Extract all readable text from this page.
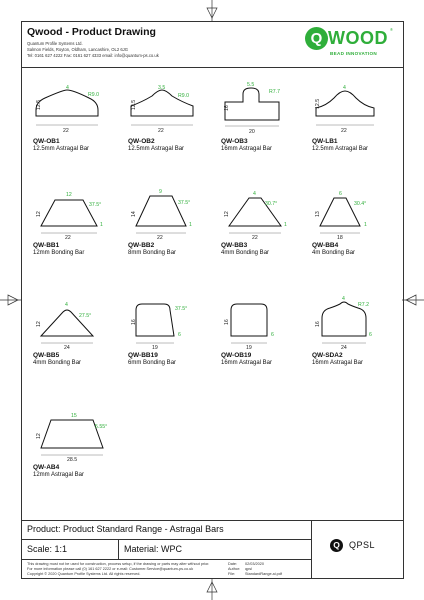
Qwood - Product Drawing
Quantum Profile Systems Ltd.
Salmon Fields, Royton, Oldham, Lancashire, OL2 6JG
Tel: 0161 627 4222 Fax: 0161 627 4333 email: info@quantum-ps.co.uk
Q WOOD ®
BEAD INNOVATION
4
R9.0
12.5
22
QW-OB1
12.5mm Astragal Bar
3.5
R9.0
12.5
22
QW-OB2
12.5mm Astragal Bar
5.5
R7.7
16
20
QW-OB3
16mm Astragal Bar
4
12.5
22
QW-LB1
12.5mm Astragal Bar
12
37.5°
1
12
22
QW-BB1
12mm Bonding Bar
9
37.5°
1
14
22
QW-BB2
8mm Bonding Bar
4
30.7°
1
12
22
QW-BB3
4mm Bonding Bar
6
30.4°
1
13
18
QW-BB4
4m Bonding Bar
4
27.5°
12
24
QW-BB5
4mm Bonding Bar
37.5°
6
16
19
QW-BB19
6mm Bonding Bar
6
16
19
QW-OB19
16mm Astragal Bar
4
R7.2
6
16
24
QW-SDA2
16mm Astragal Bar
15
5.55°
12
28.5
QW-AB4
12mm Astragal Bar
Product: Product Standard Range - Astragal Bars
Scale: 1:1	Material: WPC	Q	QPSL
This drawing must not be used for construction, process setup, if the drawing or parts may alter without prior.
For more information please call (0) 161 627 2222 or e-mail: Customer.Service@quantum-ps.co.uk
Copyright © 2020 Quantum Profile Systems Ltd. All rights reserved.
Date: 02/03/2020
Author: qpsl
File:	StandardRange.ai.pdf
